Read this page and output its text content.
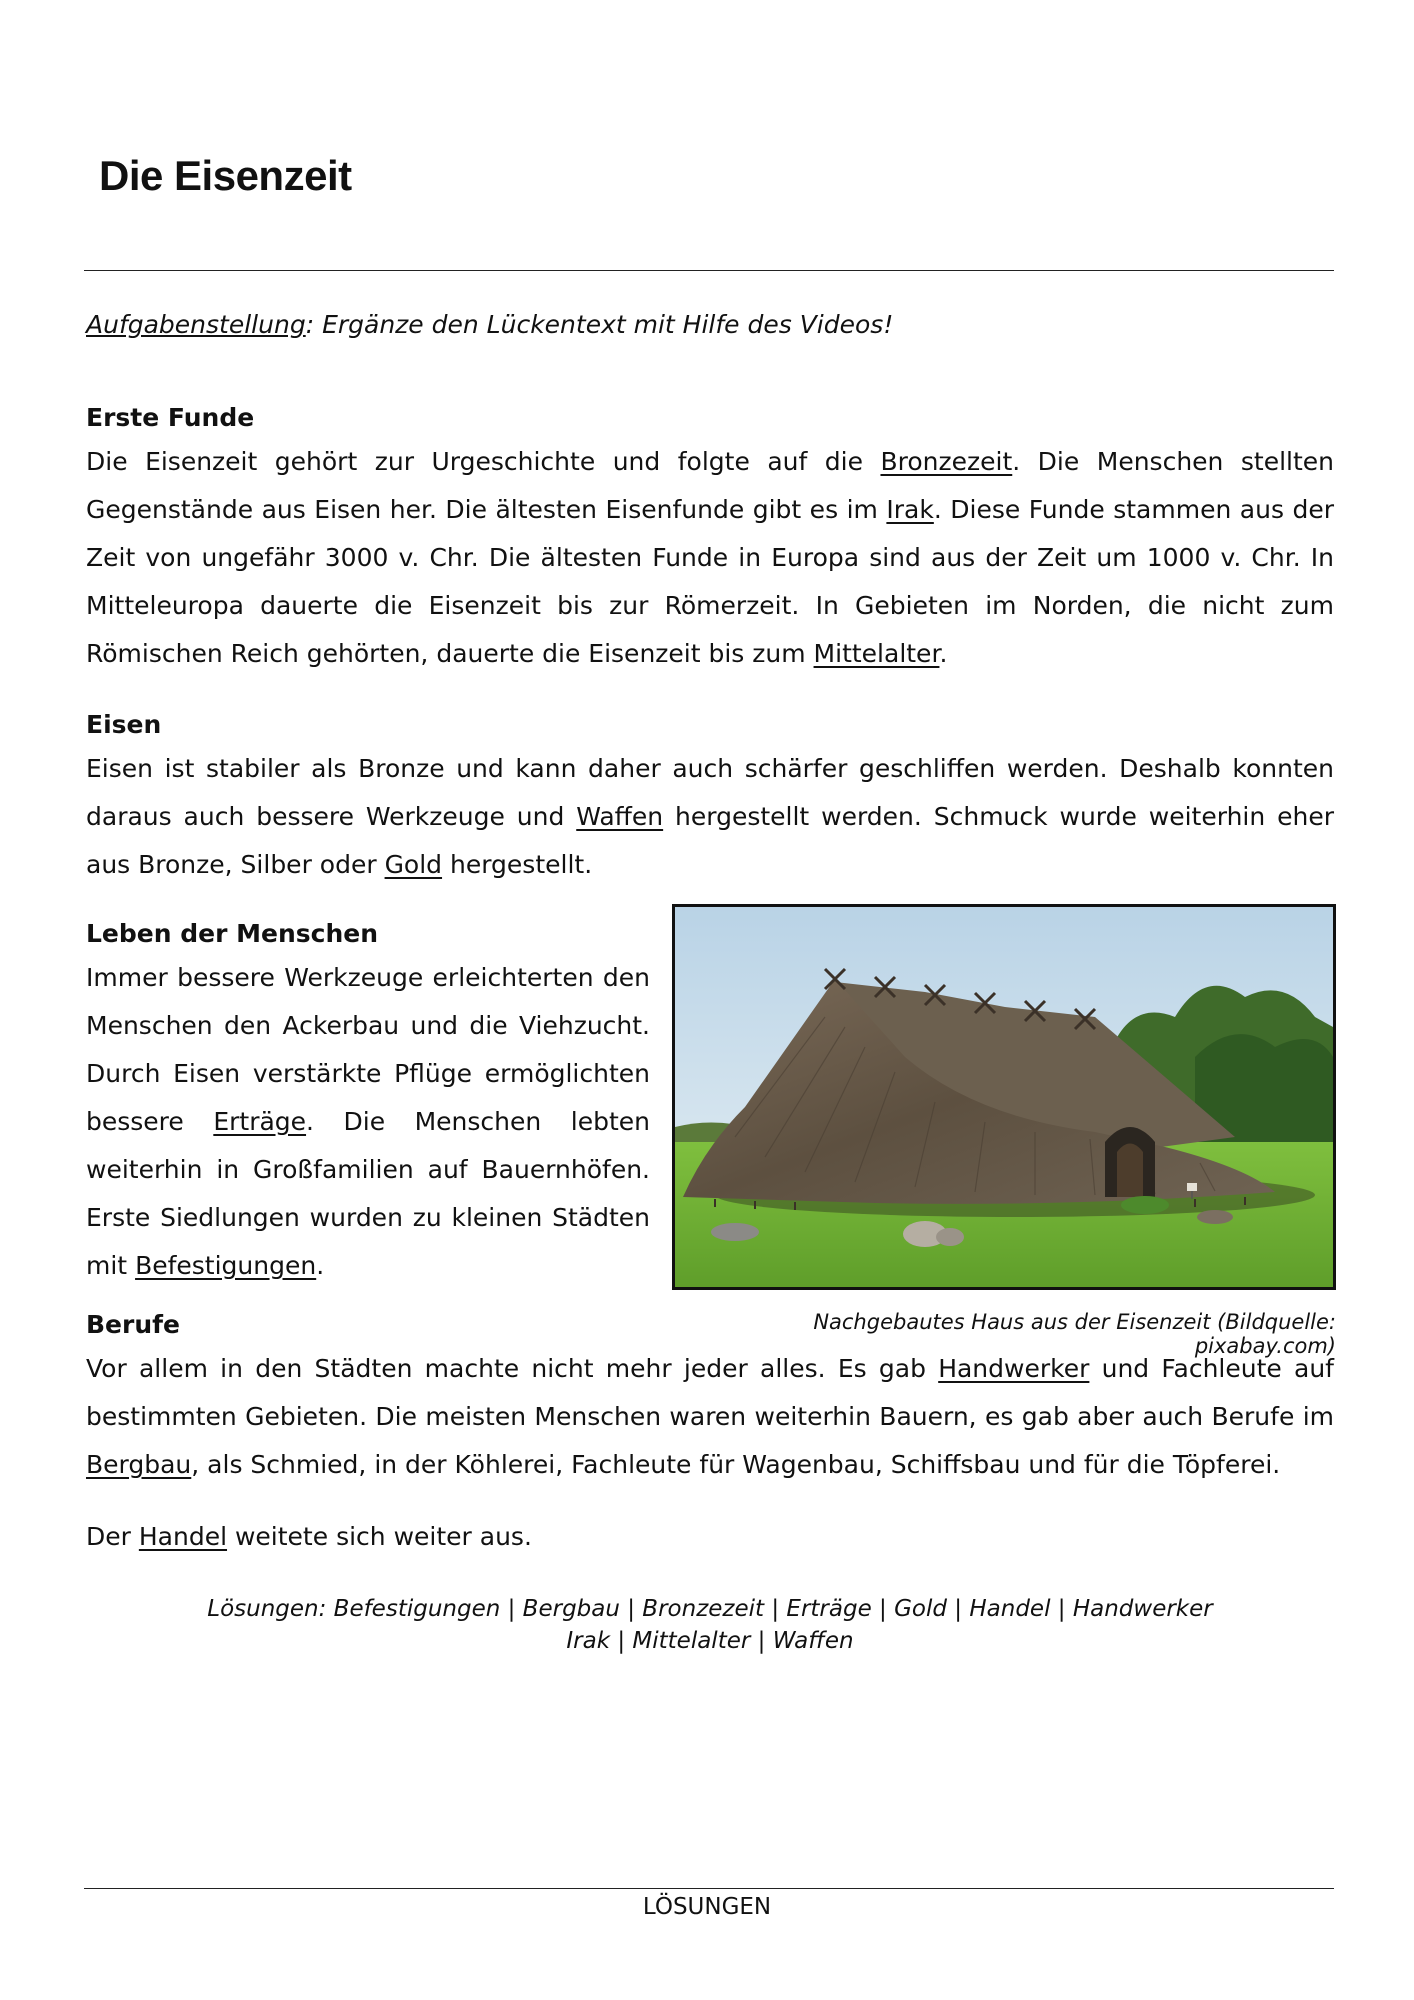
Die Eisenzeit
Aufgabenstellung: Ergänze den Lückentext mit Hilfe des Videos!
Erste Funde

Die Eisenzeit gehört zur Urgeschichte und folgte auf die Bronzezeit. Die Menschen stellten Gegenstände aus Eisen her. Die ältesten Eisenfunde gibt es im Irak. Diese Funde stammen aus der Zeit von ungefähr 3000 v. Chr. Die ältesten Funde in Europa sind aus der Zeit um 1000 v. Chr. In Mitteleuropa dauerte die Eisenzeit bis zur Römerzeit. In Gebieten im Norden, die nicht zum Römischen Reich gehörten, dauerte die Eisenzeit bis zum Mittelalter.

Eisen

Eisen ist stabiler als Bronze und kann daher auch schärfer geschliffen werden. Deshalb konnten daraus auch bessere Werkzeuge und Waffen hergestellt werden. Schmuck wurde weiterhin eher aus Bronze, Silber oder Gold hergestellt.

Leben der Menschen

Immer bessere Werkzeuge erleichterten den Menschen den Ackerbau und die Viehzucht. Durch Eisen verstärkte Pflüge ermöglichten bessere Erträge. Die Menschen lebten weiterhin in Großfamilien auf Bauernhöfen. Erste Siedlungen wurden zu kleinen Städten mit Befestigungen.

Nachgebautes Haus aus der Eisenzeit (Bildquelle: pixabay.com)
Berufe

Vor allem in den Städten machte nicht mehr jeder alles. Es gab Handwerker und Fachleute auf bestimmten Gebieten. Die meisten Menschen waren weiterhin Bauern, es gab aber auch Berufe im Bergbau, als Schmied, in der Köhlerei, Fachleute für Wagenbau, Schiffsbau und für die Töpferei.

Der Handel weitete sich weiter aus.

Lösungen: Befestigungen | Bergbau | Bronzezeit | Erträge | Gold | Handel | Handwerker
Irak | Mittelalter | Waffen
LÖSUNGEN
